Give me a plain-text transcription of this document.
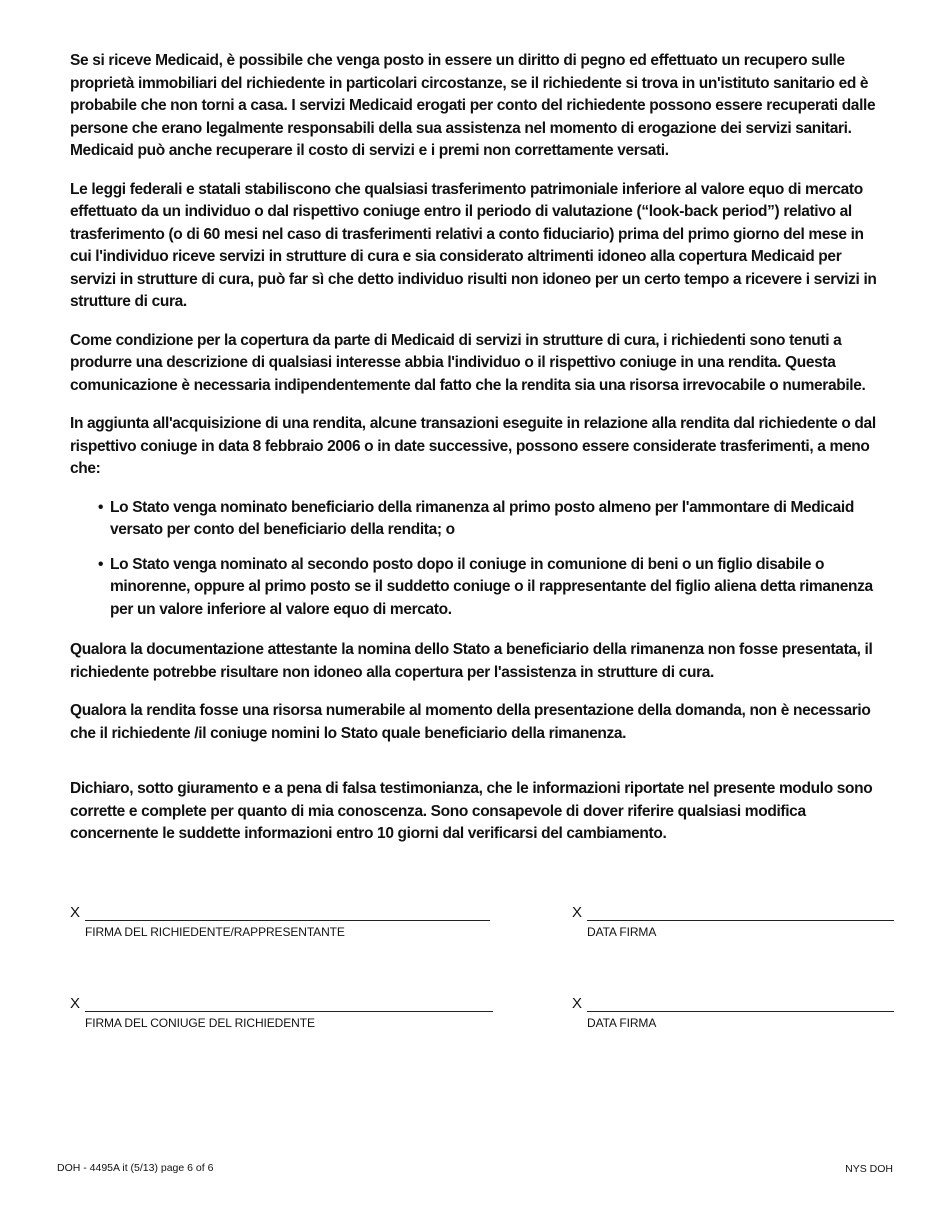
Se si riceve Medicaid, è possibile che venga posto in essere un diritto di pegno ed effettuato un recupero sulle proprietà immobiliari del richiedente in particolari circostanze, se il richiedente si trova in un'istituto sanitario ed è probabile che non torni a casa. I servizi Medicaid erogati per conto del richiedente possono essere recuperati dalle persone che erano legalmente responsabili della sua assistenza nel momento di erogazione dei servizi sanitari. Medicaid può anche recuperare il costo di servizi e i premi non correttamente versati.

Le leggi federali e statali stabiliscono che qualsiasi trasferimento patrimoniale inferiore al valore equo di mercato effettuato da un individuo o dal rispettivo coniuge entro il periodo di valutazione (“look-back period”) relativo al trasferimento (o di 60 mesi nel caso di trasferimenti relativi a conto fiduciario) prima del primo giorno del mese in cui l'individuo riceve servizi in strutture di cura e sia considerato altrimenti idoneo alla copertura Medicaid per servizi in strutture di cura, può far sì che detto individuo risulti non idoneo per un certo tempo a ricevere i servizi in strutture di cura.

Come condizione per la copertura da parte di Medicaid di servizi in strutture di cura, i richiedenti sono tenuti a produrre una descrizione di qualsiasi interesse abbia l'individuo o il rispettivo coniuge in una rendita. Questa comunicazione è necessaria indipendentemente dal fatto che la rendita sia una risorsa irrevocabile o numerabile.

In aggiunta all'acquisizione di una rendita, alcune transazioni eseguite in relazione alla rendita dal richiedente o dal rispettivo coniuge in data 8 febbraio 2006 o in date successive, possono essere considerate trasferimenti, a meno che:

• Lo Stato venga nominato beneficiario della rimanenza al primo posto almeno per l'ammontare di Medicaid versato per conto del beneficiario della rendita; o
• Lo Stato venga nominato al secondo posto dopo il coniuge in comunione di beni o un figlio disabile o minorenne, oppure al primo posto se il suddetto coniuge o il rappresentante del figlio aliena detta rimanenza per un valore inferiore al valore equo di mercato.

Qualora la documentazione attestante la nomina dello Stato a beneficiario della rimanenza non fosse presentata, il richiedente potrebbe risultare non idoneo alla copertura per l'assistenza in strutture di cura.

Qualora la rendita fosse una risorsa numerabile al momento della presentazione della domanda, non è necessario che il richiedente /il coniuge nomini lo Stato quale beneficiario della rimanenza.

Dichiaro, sotto giuramento e a pena di falsa testimonianza, che le informazioni riportate nel presente modulo sono corrette e complete per quanto di mia conoscenza. Sono consapevole di dover riferire qualsiasi modifica concernente le suddette informazioni entro 10 giorni dal verificarsi del cambiamento.

X
FIRMA DEL RICHIEDENTE/RAPPRESENTANTE
X
DATA FIRMA
X
FIRMA DEL CONIUGE DEL RICHIEDENTE
X
DATA FIRMA
DOH - 4495A it (5/13) page 6 of 6	NYS DOH
